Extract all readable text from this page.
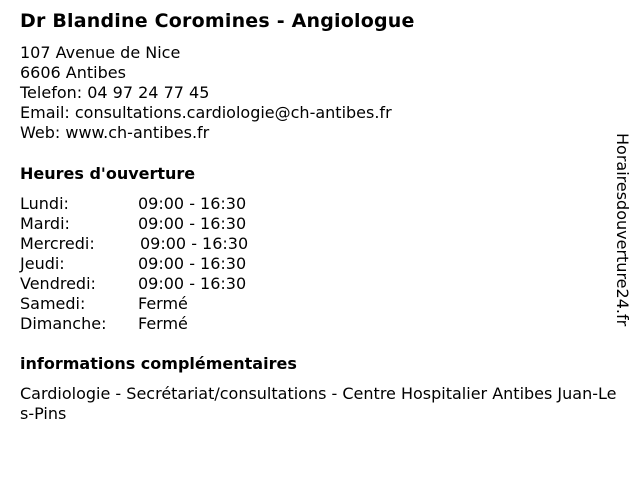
Dr Blandine Coromines - Angiologue
107 Avenue de Nice
6606 Antibes
Telefon: 04 97 24 77 45
Email: consultations.cardiologie@ch-antibes.fr
Web: www.ch-antibes.fr
Heures d'ouverture
Lundi:	09:00 - 16:30
Mardi:	09:00 - 16:30
Mercredi:	09:00 - 16:30
Jeudi:	09:00 - 16:30
Vendredi:	09:00 - 16:30
Samedi:	Fermé
Dimanche: Fermé
informations complémentaires
Cardiologie - Secrétariat/consultations - Centre Hospitalier Antibes Juan-Les-Pins
Horairesdouverture24.fr
